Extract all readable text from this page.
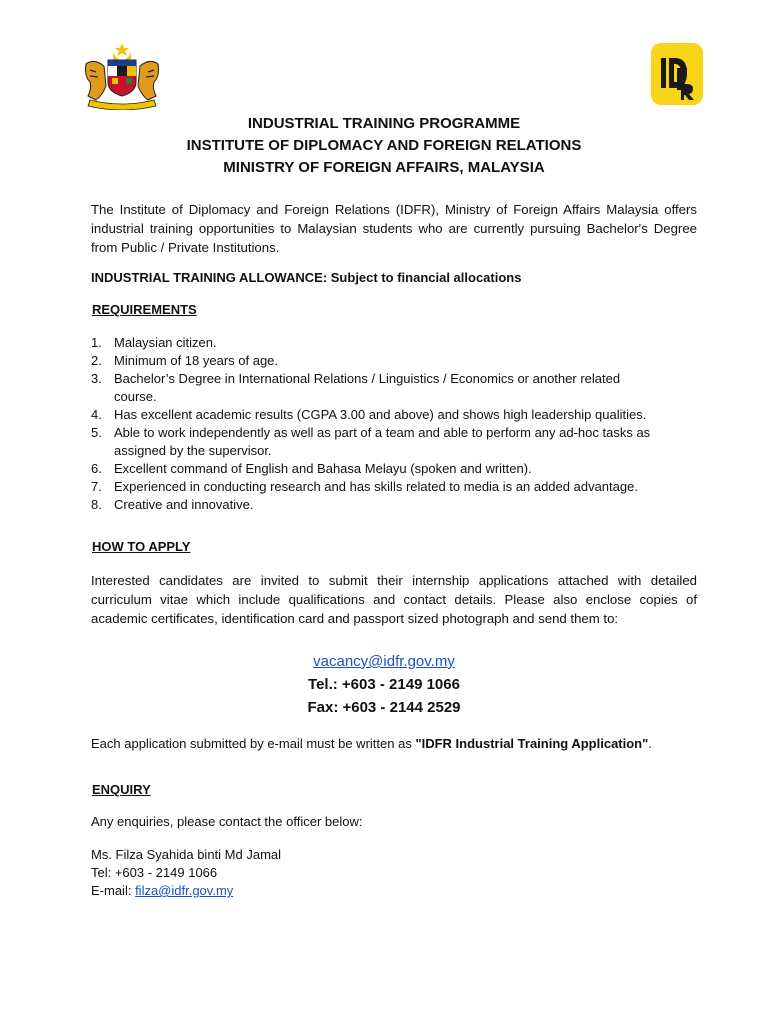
INDUSTRIAL TRAINING PROGRAMME
INSTITUTE OF DIPLOMACY AND FOREIGN RELATIONS
MINISTRY OF FOREIGN AFFAIRS, MALAYSIA
The Institute of Diplomacy and Foreign Relations (IDFR), Ministry of Foreign Affairs Malaysia offers industrial training opportunities to Malaysian students who are currently pursuing Bachelor's Degree from Public / Private Institutions.
INDUSTRIAL TRAINING ALLOWANCE: Subject to financial allocations
REQUIREMENTS
1. Malaysian citizen.
2. Minimum of 18 years of age.
3. Bachelor’s Degree in International Relations / Linguistics / Economics or another related course.
4. Has excellent academic results (CGPA 3.00 and above) and shows high leadership qualities.
5. Able to work independently as well as part of a team and able to perform any ad-hoc tasks as assigned by the supervisor.
6. Excellent command of English and Bahasa Melayu (spoken and written).
7. Experienced in conducting research and has skills related to media is an added advantage.
8. Creative and innovative.
HOW TO APPLY
Interested candidates are invited to submit their internship applications attached with detailed curriculum vitae which include qualifications and contact details. Please also enclose copies of academic certificates, identification card and passport sized photograph and send them to:
vacancy@idfr.gov.my
Tel.: +603 - 2149 1066
Fax: +603 - 2144 2529
Each application submitted by e-mail must be written as "IDFR Industrial Training Application".
ENQUIRY
Any enquiries, please contact the officer below:
Ms. Filza Syahida binti Md Jamal
Tel: +603 - 2149 1066
E-mail: filza@idfr.gov.my
